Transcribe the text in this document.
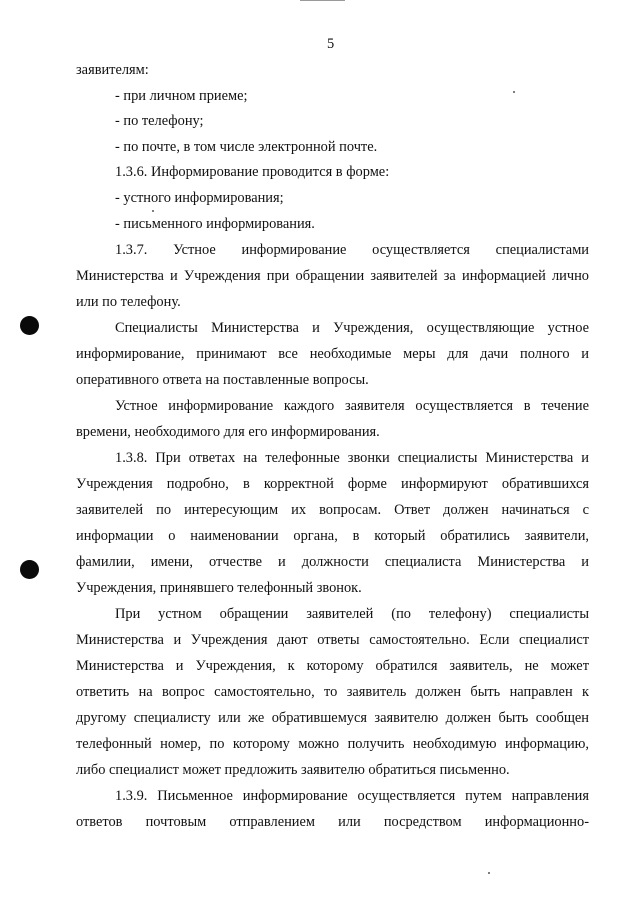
5
заявителям:
- при личном приеме;
- по телефону;
- по почте, в том числе электронной почте.
1.3.6. Информирование проводится в форме:
- устного информирования;
- письменного информирования.
1.3.7. Устное информирование осуществляется специалистами
Министерства и Учреждения при обращении заявителей за информацией лично
или по телефону.
Специалисты Министерства и Учреждения, осуществляющие устное
информирование, принимают все необходимые меры для дачи полного и
оперативного ответа на поставленные вопросы.
Устное информирование каждого заявителя осуществляется в течение
времени, необходимого для его информирования.
1.3.8. При ответах на телефонные звонки специалисты Министерства и
Учреждения подробно, в корректной форме информируют обратившихся
заявителей по интересующим их вопросам. Ответ должен начинаться с
информации о наименовании органа, в который обратились заявители,
фамилии, имени, отчестве и должности специалиста Министерства и
Учреждения, принявшего телефонный звонок.
При устном обращении заявителей (по телефону) специалисты
Министерства и Учреждения дают ответы самостоятельно. Если специалист
Министерства и Учреждения, к которому обратился заявитель, не может
ответить на вопрос самостоятельно, то заявитель должен быть направлен к
другому специалисту или же обратившемуся заявителю должен быть сообщен
телефонный номер, по которому можно получить необходимую информацию,
либо специалист может предложить заявителю обратиться письменно.
1.3.9. Письменное информирование осуществляется путем направления
ответов почтовым отправлением или посредством информационно-
